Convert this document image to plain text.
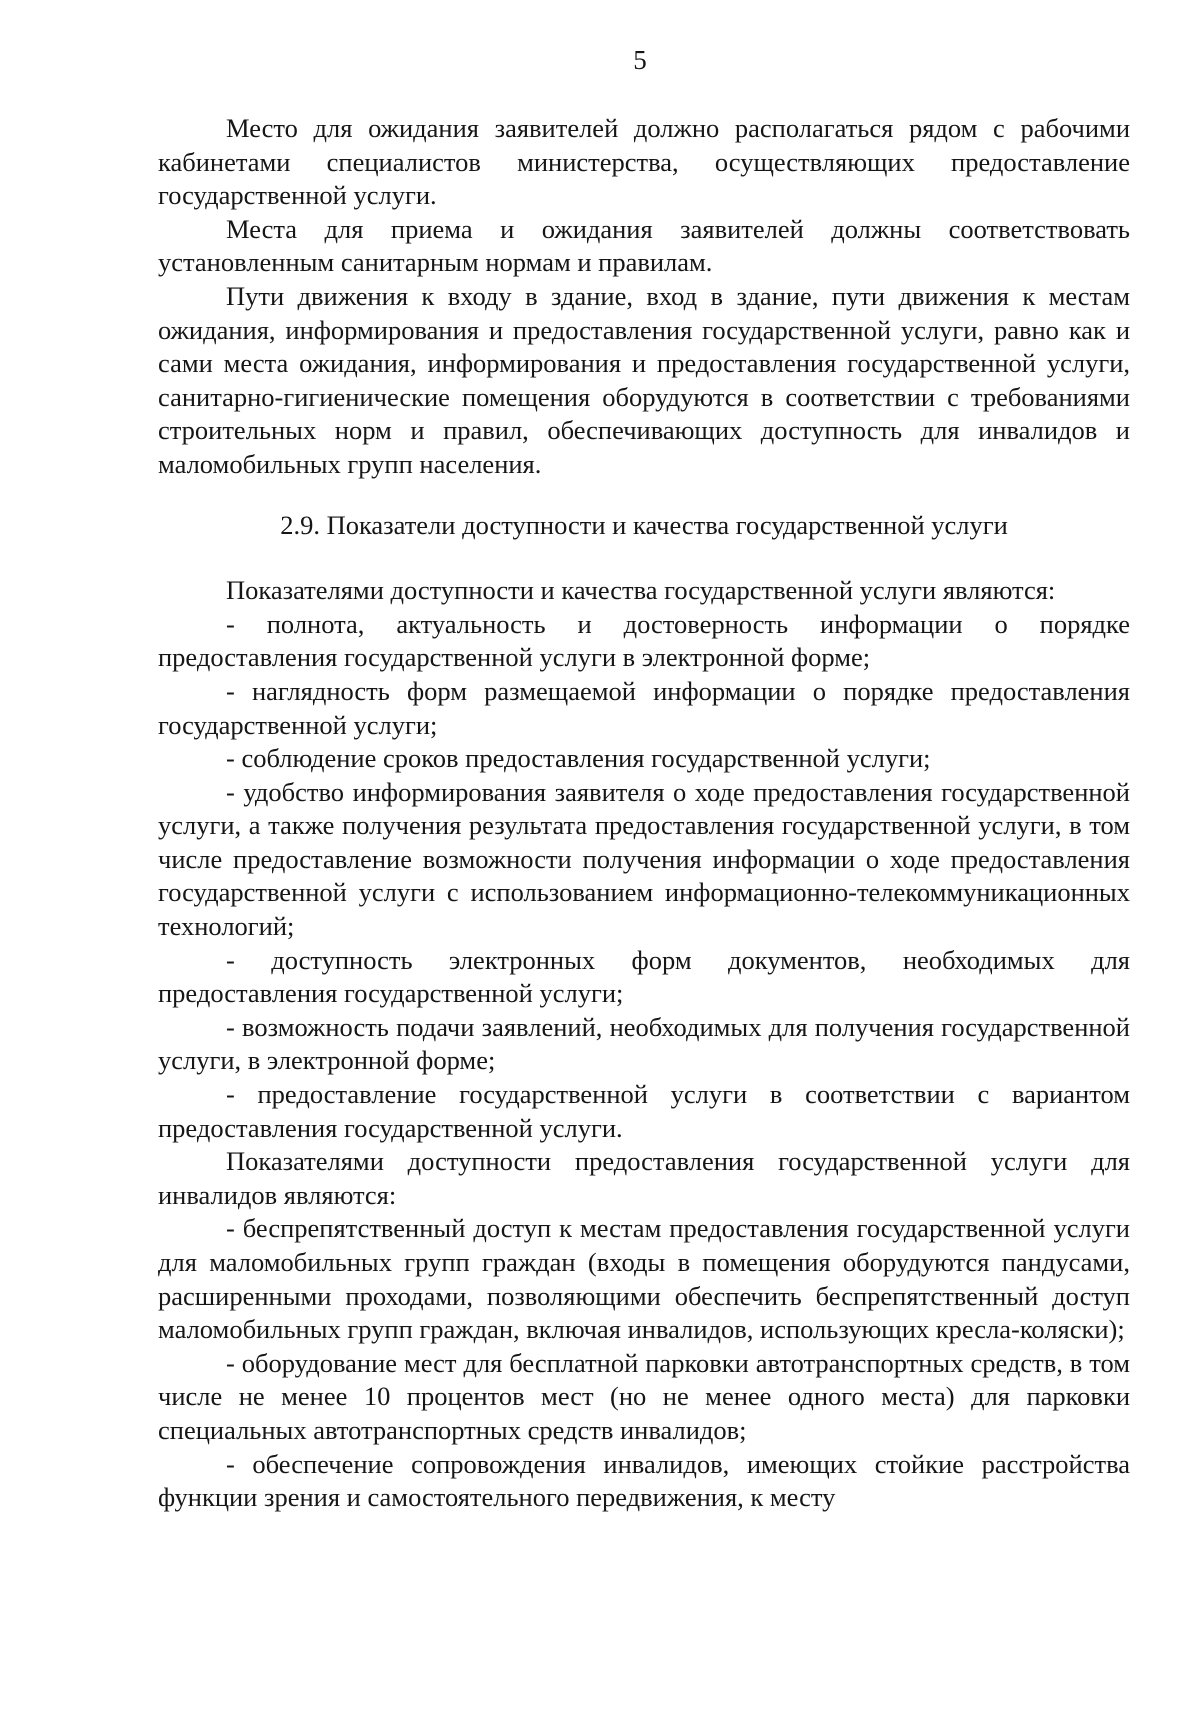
5

Место для ожидания заявителей должно располагаться рядом с рабочими кабинетами специалистов министерства, осуществляющих предоставление государственной услуги.

Места для приема и ожидания заявителей должны соответствовать установленным санитарным нормам и правилам.

Пути движения к входу в здание, вход в здание, пути движения к местам ожидания, информирования и предоставления государственной услуги, равно как и сами места ожидания, информирования и предоставления государственной услуги, санитарно-гигиенические помещения оборудуются в соответствии с требованиями строительных норм и правил, обеспечивающих доступность для инвалидов и маломобильных групп населения.

2.9. Показатели доступности и качества государственной услуги

Показателями доступности и качества государственной услуги являются:

- полнота, актуальность и достоверность информации о порядке предоставления государственной услуги в электронной форме;

- наглядность форм размещаемой информации о порядке предоставления государственной услуги;

- соблюдение сроков предоставления государственной услуги;

- удобство информирования заявителя о ходе предоставления государственной услуги, а также получения результата предоставления государственной услуги, в том числе предоставление возможности получения информации о ходе предоставления государственной услуги с использованием информационно-телекоммуникационных технологий;

- доступность электронных форм документов, необходимых для предоставления государственной услуги;

- возможность подачи заявлений, необходимых для получения государственной услуги, в электронной форме;

- предоставление государственной услуги в соответствии с вариантом предоставления государственной услуги.

Показателями доступности предоставления государственной услуги для инвалидов являются:

- беспрепятственный доступ к местам предоставления государственной услуги для маломобильных групп граждан (входы в помещения оборудуются пандусами, расширенными проходами, позволяющими обеспечить беспрепятственный доступ маломобильных групп граждан, включая инвалидов, использующих кресла-коляски);

- оборудование мест для бесплатной парковки автотранспортных средств, в том числе не менее 10 процентов мест (но не менее одного места) для парковки специальных автотранспортных средств инвалидов;

- обеспечение сопровождения инвалидов, имеющих стойкие расстройства функции зрения и самостоятельного передвижения, к месту
